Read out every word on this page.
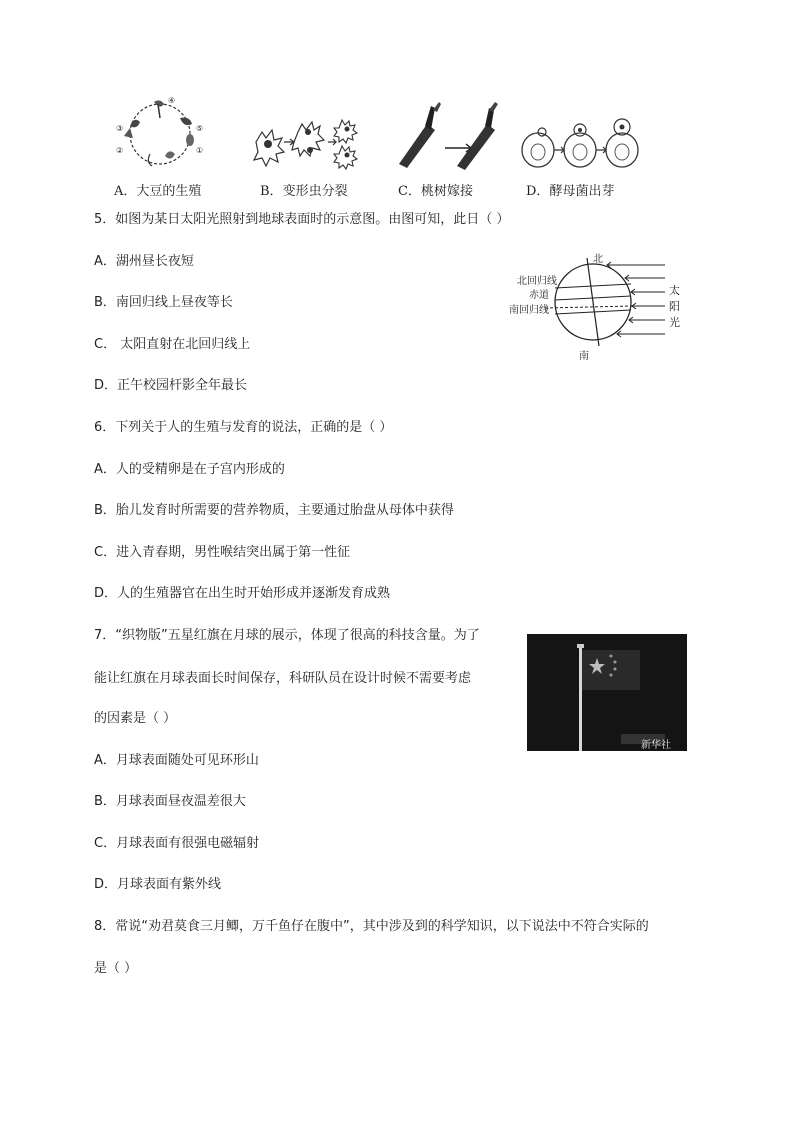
①
②
③
④
⑤
A．大豆的生殖	B．变形虫分裂	C．桃树嫁接	D．酵母菌出芽
5．如图为某日太阳光照射到地球表面时的示意图。由图可知，此日（ ）
A．湖州昼长夜短
B．南回归线上昼夜等长
C． 太阳直射在北回归线上
D．正午校园杆影全年最长
北
北回归线
赤道
南回归线
南
太
阳
光
6．下列关于人的生殖与发育的说法，正确的是（ ）
A．人的受精卵是在子宫内形成的
B．胎儿发育时所需要的营养物质，主要通过胎盘从母体中获得
C．进入青春期，男性喉结突出属于第一性征
D．人的生殖器官在出生时开始形成并逐渐发育成熟
7．“织物版”五星红旗在月球的展示，体现了很高的科技含量。为了
能让红旗在月球表面长时间保存，科研队员在设计时候不需要考虑
的因素是（ ）
新华社
A．月球表面随处可见环形山
B．月球表面昼夜温差很大
C．月球表面有很强电磁辐射
D．月球表面有紫外线
8．常说“劝君莫食三月鲫，万千鱼仔在腹中”，其中涉及到的科学知识，以下说法中不符合实际的
是（ ）
